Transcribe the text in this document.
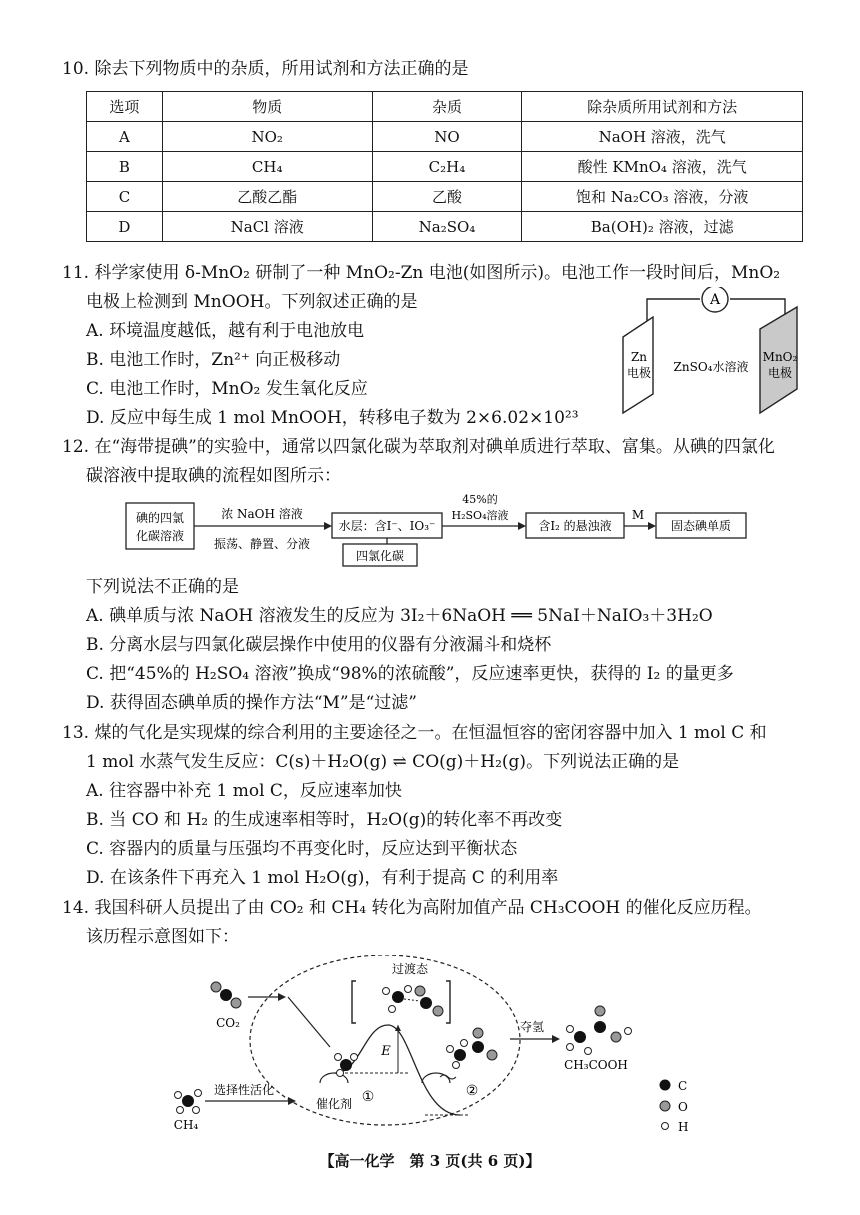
10. 除去下列物质中的杂质，所用试剂和方法正确的是
选项	物质	杂质	除杂质所用试剂和方法
A	NO₂	NO	NaOH 溶液，洗气
B	CH₄	C₂H₄	酸性 KMnO₄ 溶液，洗气
C	乙酸乙酯	乙酸	饱和 Na₂CO₃ 溶液，分液
D	NaCl 溶液	Na₂SO₄	Ba(OH)₂ 溶液，过滤
11. 科学家使用 δ-MnO₂ 研制了一种 MnO₂-Zn 电池(如图所示)。电池工作一段时间后，MnO₂
电极上检测到 MnOOH。下列叙述正确的是
A. 环境温度越低，越有利于电池放电
B. 电池工作时，Zn²⁺ 向正极移动
C. 电池工作时，MnO₂ 发生氧化反应
D. 反应中每生成 1 mol MnOOH，转移电子数为 2×6.02×10²³
A
Zn
电极 ZnSO₄水溶液
MnO₂
电极
12. 在“海带提碘”的实验中，通常以四氯化碳为萃取剂对碘单质进行萃取、富集。从碘的四氯化
碳溶液中提取碘的流程如图所示：
碘的四氯
化碳溶液
浓 NaOH 溶液
振荡、静置、分液
水层：含I⁻、IO₃⁻
四氯化碳
45%的
H₂SO₄溶液
含I₂ 的悬浊液
M
固态碘单质
下列说法不正确的是
A. 碘单质与浓 NaOH 溶液发生的反应为 3I₂＋6NaOH ══ 5NaI＋NaIO₃＋3H₂O
B. 分离水层与四氯化碳层操作中使用的仪器有分液漏斗和烧杯
C. 把“45%的 H₂SO₄ 溶液”换成“98%的浓硫酸”，反应速率更快，获得的 I₂ 的量更多
D. 获得固态碘单质的操作方法“M”是“过滤”
13. 煤的气化是实现煤的综合利用的主要途径之一。在恒温恒容的密闭容器中加入 1 mol C 和
1 mol 水蒸气发生反应：C(s)＋H₂O(g) ⇌ CO(g)＋H₂(g)。下列说法正确的是
A. 往容器中补充 1 mol C，反应速率加快
B. 当 CO 和 H₂ 的生成速率相等时，H₂O(g)的转化率不再改变
C. 容器内的质量与压强均不再变化时，反应达到平衡状态
D. 在该条件下再充入 1 mol H₂O(g)，有利于提高 C 的利用率
14. 我国科研人员提出了由 CO₂ 和 CH₄ 转化为高附加值产品 CH₃COOH 的催化反应历程。
该历程示意图如下：
CO₂
CH₄
选择性活化
过渡态
E
催化剂 ①	②
夺氢
CH₃COOH
C
O
H
【高一化学　第 3 页(共 6 页)】
